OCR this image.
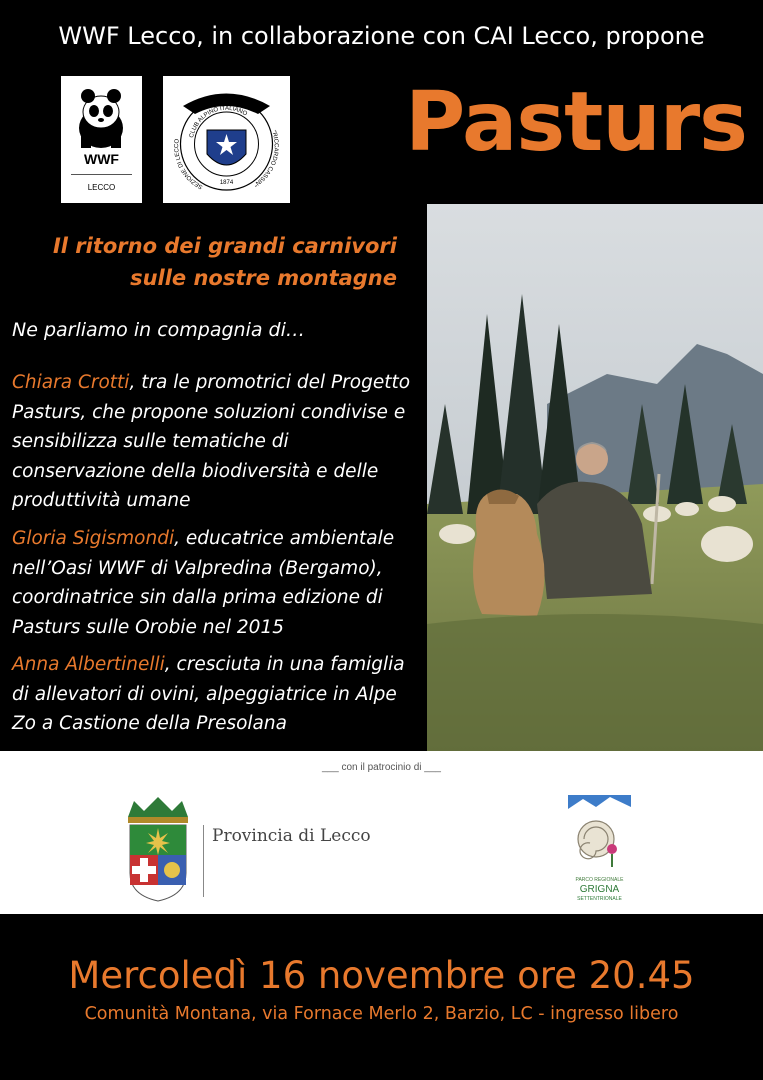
WWF Lecco, in collaborazione con CAI Lecco, propone
WWF
LECCO
CLUB ALPINO ITALIANO
SEZIONE DI LECCO
"RICCARDO CASSIN"
1874
Pasturs
Il ritorno dei grandi carnivori
sulle nostre montagne
Ne parliamo in compagnia di…
Chiara Crotti, tra le promotrici del Progetto Pasturs, che propone soluzioni condivise e sensibilizza sulle tematiche di conservazione della biodiversità e delle produttività umane
Gloria Sigismondi, educatrice ambientale nell’Oasi WWF di Valpredina (Bergamo), coordinatrice sin dalla prima edizione di Pasturs sulle Orobie nel 2015
Anna Albertinelli, cresciuta in una famiglia di allevatori di ovini, alpeggiatrice in Alpe Zo a Castione della Presolana
___ con il patrocinio di ___
Provincia di Lecco
PARCO REGIONALE
GRIGNA
SETTENTRIONALE
Mercoledì 16 novembre ore 20.45
Comunità Montana, via Fornace Merlo 2, Barzio, LC - ingresso libero
